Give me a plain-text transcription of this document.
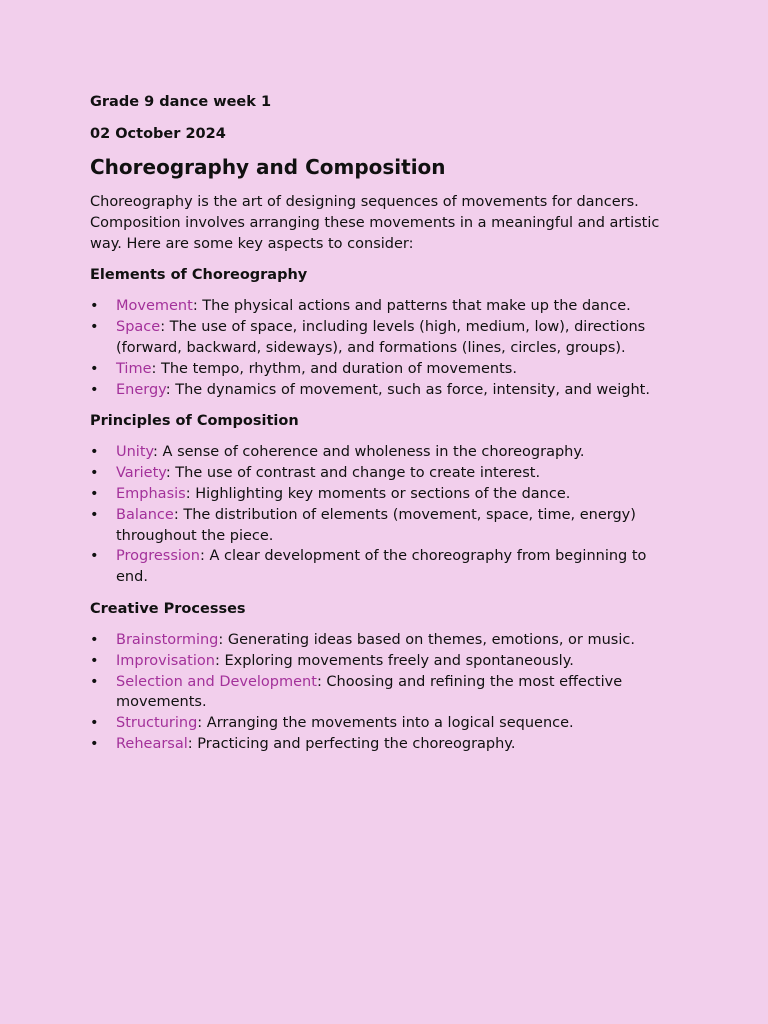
Grade 9 dance week 1

02 October 2024

Choreography and Composition

Choreography is the art of designing sequences of movements for dancers. Composition involves arranging these movements in a meaningful and artistic way. Here are some key aspects to consider:

Elements of Choreography
•	Movement: The physical actions and patterns that make up the dance.
•	Space: The use of space, including levels (high, medium, low), directions (forward, backward, sideways), and formations (lines, circles, groups).
•	Time: The tempo, rhythm, and duration of movements.
•	Energy: The dynamics of movement, such as force, intensity, and weight.
Principles of Composition
•	Unity: A sense of coherence and wholeness in the choreography.
•	Variety: The use of contrast and change to create interest.
•	Emphasis: Highlighting key moments or sections of the dance.
•	Balance: The distribution of elements (movement, space, time, energy) throughout the piece.
•	Progression: A clear development of the choreography from beginning to end.
Creative Processes
•	Brainstorming: Generating ideas based on themes, emotions, or music.
•	Improvisation: Exploring movements freely and spontaneously.
•	Selection and Development: Choosing and refining the most effective movements.
•	Structuring: Arranging the movements into a logical sequence.
•	Rehearsal: Practicing and perfecting the choreography.
